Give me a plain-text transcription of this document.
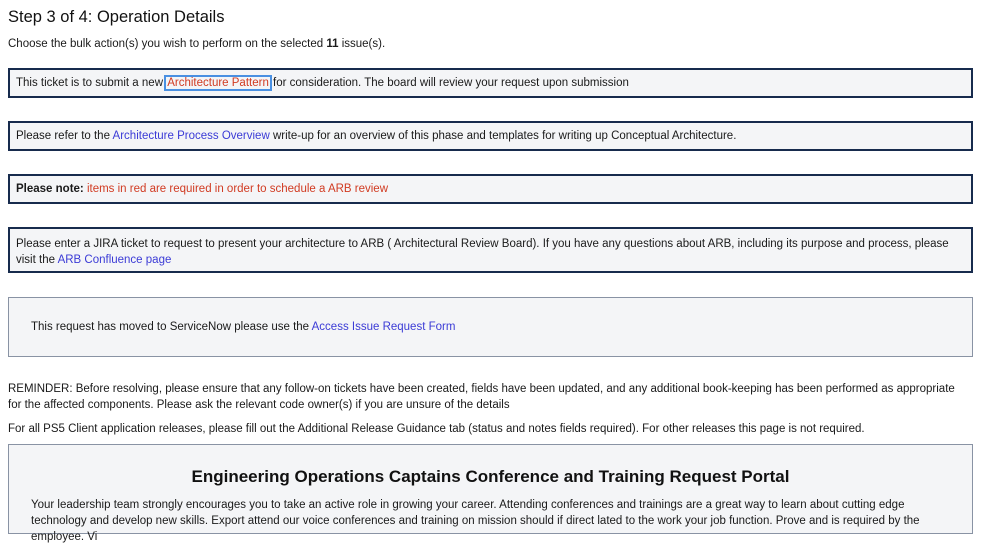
Step 3 of 4: Operation Details
Choose the bulk action(s) you wish to perform on the selected 11 issue(s).
This ticket is to submit a new Architecture Pattern for consideration. The board will review your request upon submission
Please refer to the Architecture Process Overview write-up for an overview of this phase and templates for writing up Conceptual Architecture.
Please note: items in red are required in order to schedule a ARB review
Please enter a JIRA ticket to request to present your architecture to ARB ( Architectural Review Board). If you have any questions about ARB, including its purpose and process, please visit the ARB Confluence page
This request has moved to ServiceNow please use the Access Issue Request Form
REMINDER: Before resolving, please ensure that any follow-on tickets have been created, fields have been updated, and any additional book-keeping has been performed as appropriate for the affected components. Please ask the relevant code owner(s) if you are unsure of the details
For all PS5 Client application releases, please fill out the Additional Release Guidance tab (status and notes fields required). For other releases this page is not required.
Engineering Operations Captains Conference and Training Request Portal

Your leadership team strongly encourages you to take an active role in growing your career. Attending conferences and trainings are a great way to learn about cutting edge technology and develop new skills. Export attend our voice conferences and training on mission should if direct lated to the work your job function. Prove and is required by the employee. Vi
